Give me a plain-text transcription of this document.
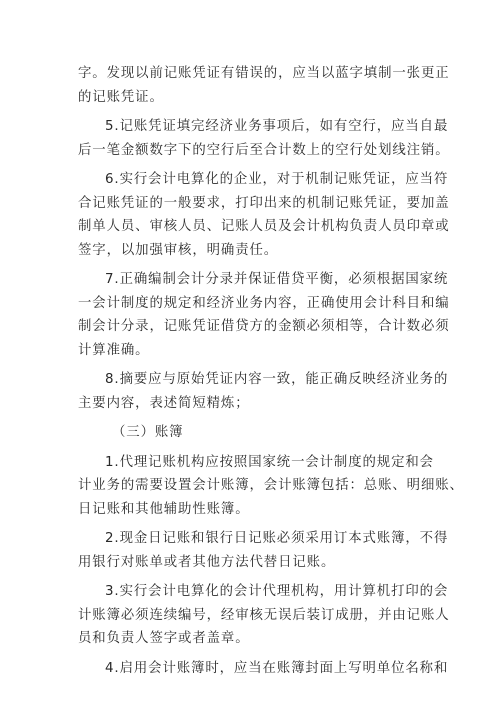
字。发现以前记账凭证有错误的，应当以蓝字填制一张更正
的记账凭证。
5.记账凭证填完经济业务事项后，如有空行，应当自最
后一笔金额数字下的空行后至合计数上的空行处划线注销。
6.实行会计电算化的企业，对于机制记账凭证，应当符
合记账凭证的一般要求，打印出来的机制记账凭证，要加盖
制单人员、审核人员、记账人员及会计机构负责人员印章或
签字，以加强审核，明确责任。
7.正确编制会计分录并保证借贷平衡，必须根据国家统
一会计制度的规定和经济业务内容，正确使用会计科目和编
制会计分录，记账凭证借贷方的金额必须相等，合计数必须
计算准确。
8.摘要应与原始凭证内容一致，能正确反映经济业务的
主要内容，表述简短精炼；
（三）账簿
1.代理记账机构应按照国家统一会计制度的规定和会
计业务的需要设置会计账簿，会计账簿包括：总账、明细账、
日记账和其他辅助性账簿。
2.现金日记账和银行日记账必须采用订本式账簿，不得
用银行对账单或者其他方法代替日记账。
3.实行会计电算化的会计代理机构，用计算机打印的会
计账簿必须连续编号，经审核无误后装订成册，并由记账人
员和负责人签字或者盖章。
4.启用会计账簿时，应当在账簿封面上写明单位名称和
